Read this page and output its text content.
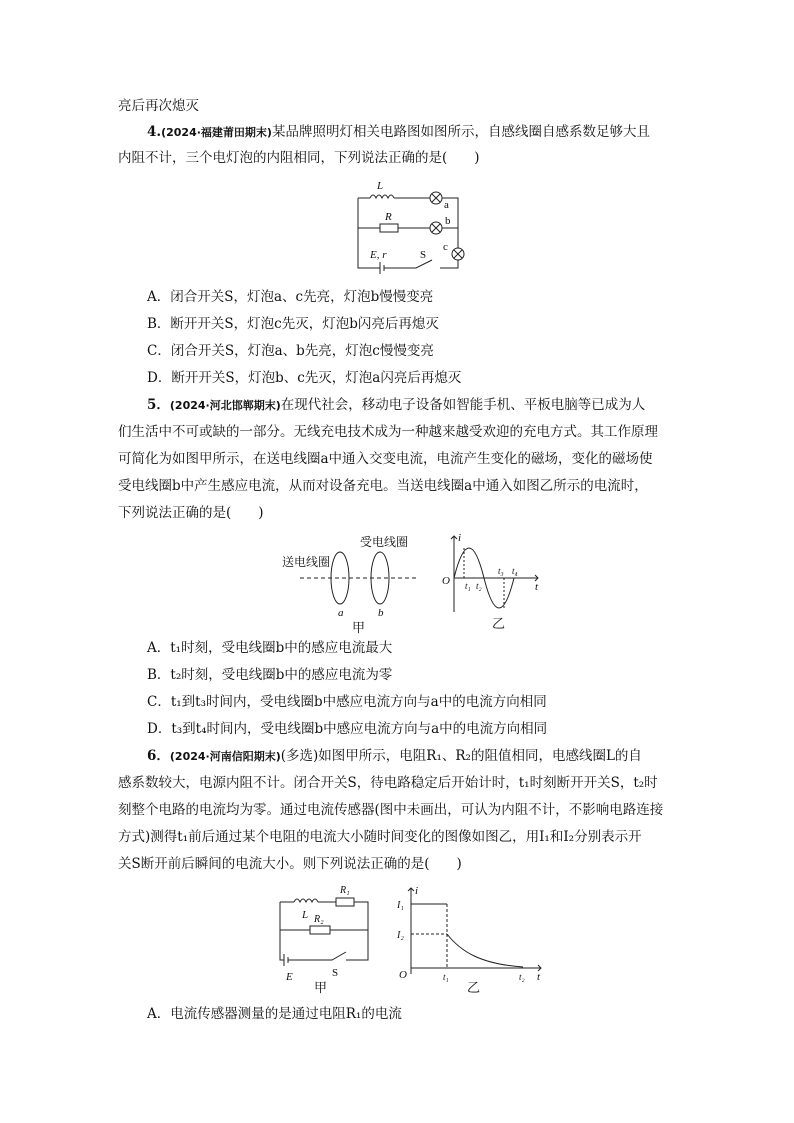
亮后再次熄灭
4.(2024·福建莆田期末)某品牌照明灯相关电路图如图所示，自感线圈自感系数足够大且
内阻不计，三个电灯泡的内阻相同，下列说法正确的是(　　)
L
a
R	b
c
E, r	S
A．闭合开关S，灯泡a、c先亮，灯泡b慢慢变亮
B．断开开关S，灯泡c先灭，灯泡b闪亮后再熄灭
C．闭合开关S，灯泡a、b先亮，灯泡c慢慢变亮
D．断开开关S，灯泡b、c先灭，灯泡a闪亮后再熄灭
5．(2024·河北邯郸期末)在现代社会，移动电子设备如智能手机、平板电脑等已成为人
们生活中不可或缺的一部分。无线充电技术成为一种越来越受欢迎的充电方式。其工作原理
可简化为如图甲所示，在送电线圈a中通入交变电流，电流产生变化的磁场，变化的磁场使
受电线圈b中产生感应电流，从而对设备充电。当送电线圈a中通入如图乙所示的电流时，
下列说法正确的是(　　)
送电线圈
受电线圈
a	b
甲
i
O	t
t₁ t₂
t₃ t₄
乙
A．t₁时刻，受电线圈b中的感应电流最大
B．t₂时刻，受电线圈b中的感应电流为零
C．t₁到t₃时间内，受电线圈b中感应电流方向与a中的电流方向相同
D．t₃到t₄时间内，受电线圈b中感应电流方向与a中的电流方向相同
6．(2024·河南信阳期末)(多选)如图甲所示，电阻R₁、R₂的阻值相同，电感线圈L的自
感系数较大，电源内阻不计。闭合开关S，待电路稳定后开始计时，t₁时刻断开开关S，t₂时
刻整个电路的电流均为零。通过电流传感器(图中未画出，可认为内阻不计，不影响电路连接
方式)测得t₁前后通过某个电阻的电流大小随时间变化的图像如图乙，用I₁和I₂分别表示开
关S断开前后瞬间的电流大小。则下列说法正确的是(　　)
L
R₁
R₂
E	S
甲
i
I₁
I₂
O	t₁	t₂ t
乙
A．电流传感器测量的是通过电阻R₁的电流
